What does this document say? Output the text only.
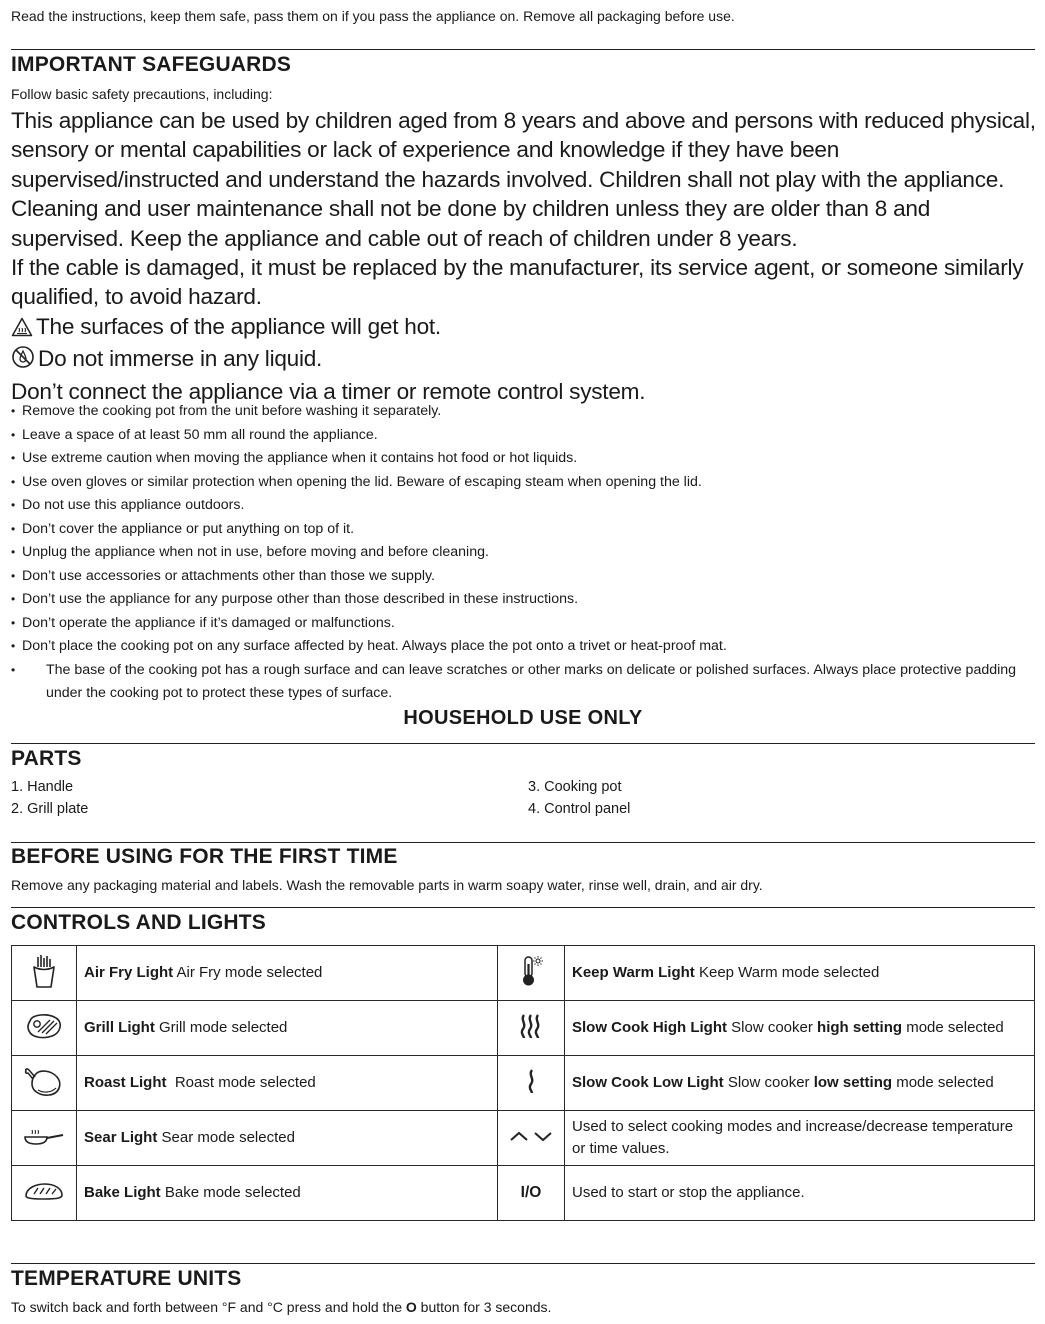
Read the instructions, keep them safe, pass them on if you pass the appliance on. Remove all packaging before use.
IMPORTANT SAFEGUARDS
Follow basic safety precautions, including:

This appliance can be used by children aged from 8 years and above and persons with reduced physical, sensory or mental capabilities or lack of experience and knowledge if they have been supervised/instructed and understand the hazards involved. Children shall not play with the appliance. Cleaning and user maintenance shall not be done by children unless they are older than 8 and supervised. Keep the appliance and cable out of reach of children under 8 years.

If the cable is damaged, it must be replaced by the manufacturer, its service agent, or someone similarly qualified, to avoid hazard.

The surfaces of the appliance will get hot.

Do not immerse in any liquid.

Don’t connect the appliance via a timer or remote control system.

• Remove the cooking pot from the unit before washing it separately.
• Leave a space of at least 50 mm all round the appliance.
• Use extreme caution when moving the appliance when it contains hot food or hot liquids.
• Use oven gloves or similar protection when opening the lid. Beware of escaping steam when opening the lid.
• Do not use this appliance outdoors.
• Don’t cover the appliance or put anything on top of it.
• Unplug the appliance when not in use, before moving and before cleaning.
• Don’t use accessories or attachments other than those we supply.
• Don’t use the appliance for any purpose other than those described in these instructions.
• Don’t operate the appliance if it’s damaged or malfunctions.
• Don’t place the cooking pot on any surface affected by heat. Always place the pot onto a trivet or heat-proof mat.
• The base of the cooking pot has a rough surface and can leave scratches or other marks on delicate or polished surfaces. Always place protective padding under the cooking pot to protect these types of surface.
HOUSEHOLD USE ONLY
PARTS
1. Handle
2. Grill plate
3. Cooking pot
4. Control panel
BEFORE USING FOR THE FIRST TIME
Remove any packaging material and labels. Wash the removable parts in warm soapy water, rinse well, drain, and air dry.
CONTROLS AND LIGHTS
	Air Fry Light Air Fry mode selected		Keep Warm Light Keep Warm mode selected
	Grill Light Grill mode selected		Slow Cook High Light Slow cooker high setting mode selected
	Roast Light Roast mode selected		Slow Cook Low Light Slow cooker low setting mode selected
	Sear Light Sear mode selected		Used to select cooking modes and increase/decrease temperature or time values.
	Bake Light Bake mode selected	I/O	Used to start or stop the appliance.
TEMPERATURE UNITS
To switch back and forth between °F and °C press and hold the O button for 3 seconds.
